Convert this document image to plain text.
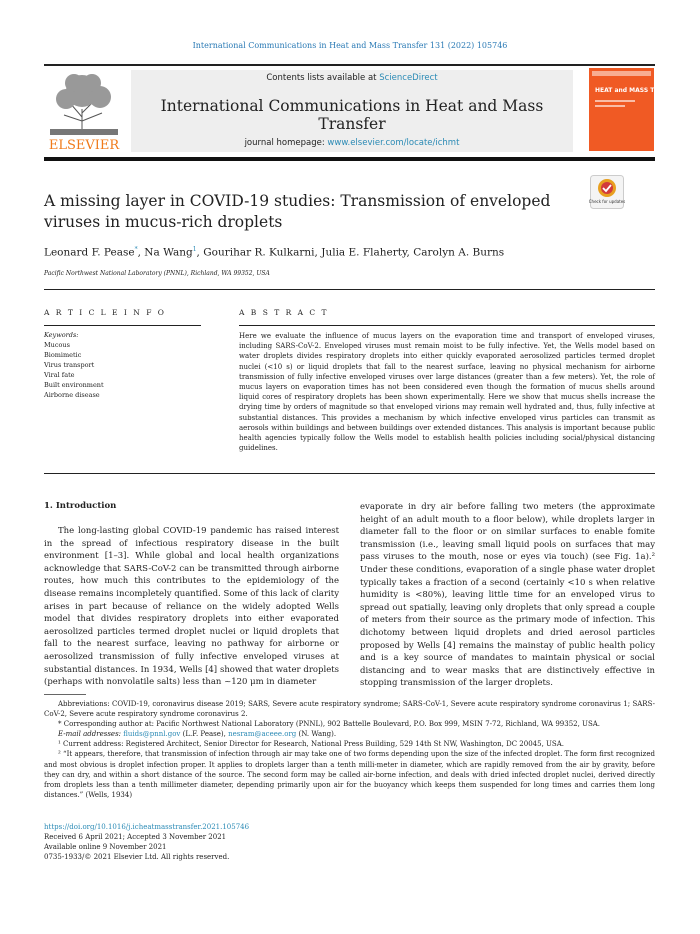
International Communications in Heat and Mass Transfer 131 (2022) 105746
ELSEVIER
Contents lists available at ScienceDirect
International Communications in Heat and Mass Transfer
journal homepage: www.elsevier.com/locate/ichmt
HEAT and MASS TRANSFER
Check for updates
A missing layer in COVID-19 studies: Transmission of enveloped viruses in mucus-rich droplets
Leonard F. Pease*, Na Wang$^1$, Gourihar R. Kulkarni, Julia E. Flaherty, Carolyn A. Burns
Pacific Northwest National Laboratory (PNNL), Richland, WA 99352, USA
A R T I C L E I N F O
Keywords:
Mucous
Biomimetic
Virus transport
Viral fate
Built environment
Airborne disease
A B S T R A C T
Here we evaluate the influence of mucus layers on the evaporation time and transport of enveloped viruses, including SARS-CoV-2. Enveloped viruses must remain moist to be fully infective. Yet, the Wells model based on water droplets divides respiratory droplets into either quickly evaporated aerosolized particles termed droplet nuclei (<10 s) or liquid droplets that fall to the nearest surface, leaving no physical mechanism for airborne transmission of fully infective enveloped viruses over large distances (greater than a few meters). Yet, the role of mucus layers on evaporation times has not been considered even though the formation of mucus shells around liquid cores of respiratory droplets has been shown experimentally. Here we show that mucus shells increase the drying time by orders of magnitude so that enveloped virions may remain well hydrated and, thus, fully infective at substantial distances. This provides a mechanism by which infective enveloped virus particles can transmit as aerosols within buildings and between buildings over extended distances. This analysis is important because public health agencies typically follow the Wells model to establish health policies including social/physical distancing guidelines.
1. Introduction
The long-lasting global COVID-19 pandemic has raised interest in the spread of infectious respiratory disease in the built environment [1–3]. While global and local health organizations acknowledge that SARS-CoV-2 can be transmitted through airborne routes, how much this contributes to the epidemiology of the disease remains incompletely quantified. Some of this lack of clarity arises in part because of reliance on the widely adopted Wells model that divides respiratory droplets into either evaporated aerosolized particles termed droplet nuclei or liquid droplets that fall to the nearest surface, leaving no pathway for airborne or aerosolized transmission of fully infective enveloped viruses at substantial distances. In 1934, Wells [4] showed that water droplets (perhaps with nonvolatile salts) less than ~120 μm in diameter
evaporate in dry air before falling two meters (the approximate height of an adult mouth to a floor below), while droplets larger in diameter fall to the floor or on similar surfaces to enable fomite transmission (i.e., leaving small liquid pools on surfaces that may pass viruses to the mouth, nose or eyes via touch) (see Fig. 1a).² Under these conditions, evaporation of a single phase water droplet typically takes a fraction of a second (certainly <10 s when relative humidity is <80%), leaving little time for an enveloped virus to spread out spatially, leaving only droplets that only spread a couple of meters from their source as the primary mode of infection. This dichotomy between liquid droplets and dried aerosol particles proposed by Wells [4] remains the mainstay of public health policy and is a key source of mandates to maintain physical or social distancing and to wear masks that are distinctively effective in stopping transmission of the larger droplets.

Abbreviations: COVID-19, coronavirus disease 2019; SARS, Severe acute respiratory syndrome; SARS-CoV-1, Severe acute respiratory syndrome coronavirus 1; SARS-CoV-2, Severe acute respiratory syndrome coronavirus 2.

* Corresponding author at: Pacific Northwest National Laboratory (PNNL), 902 Battelle Boulevard, P.O. Box 999, MSIN 7-72, Richland, WA 99352, USA.

E-mail addresses: fluids@pnnl.gov (L.F. Pease), nesram@aceee.org (N. Wang).

¹ Current address: Registered Architect, Senior Director for Research, National Press Building, 529 14th St NW, Washington, DC 20045, USA.

² “It appears, therefore, that transmission of infection through air may take one of two forms depending upon the size of the infected droplet. The form first recognized and most obvious is droplet infection proper. It applies to droplets larger than a tenth milli-meter in diameter, which are rapidly removed from the air by gravity, before they can dry, and within a short distance of the source. The second form may be called air-borne infection, and deals with dried infected droplet nuclei, derived directly from droplets less than a tenth millimeter diameter, depending primarily upon air for the buoyancy which keeps them suspended for long times and carries them long distances.” (Wells, 1934)

https://doi.org/10.1016/j.icheatmasstransfer.2021.105746
Received 6 April 2021; Accepted 3 November 2021
Available online 9 November 2021
0735-1933/© 2021 Elsevier Ltd. All rights reserved.
